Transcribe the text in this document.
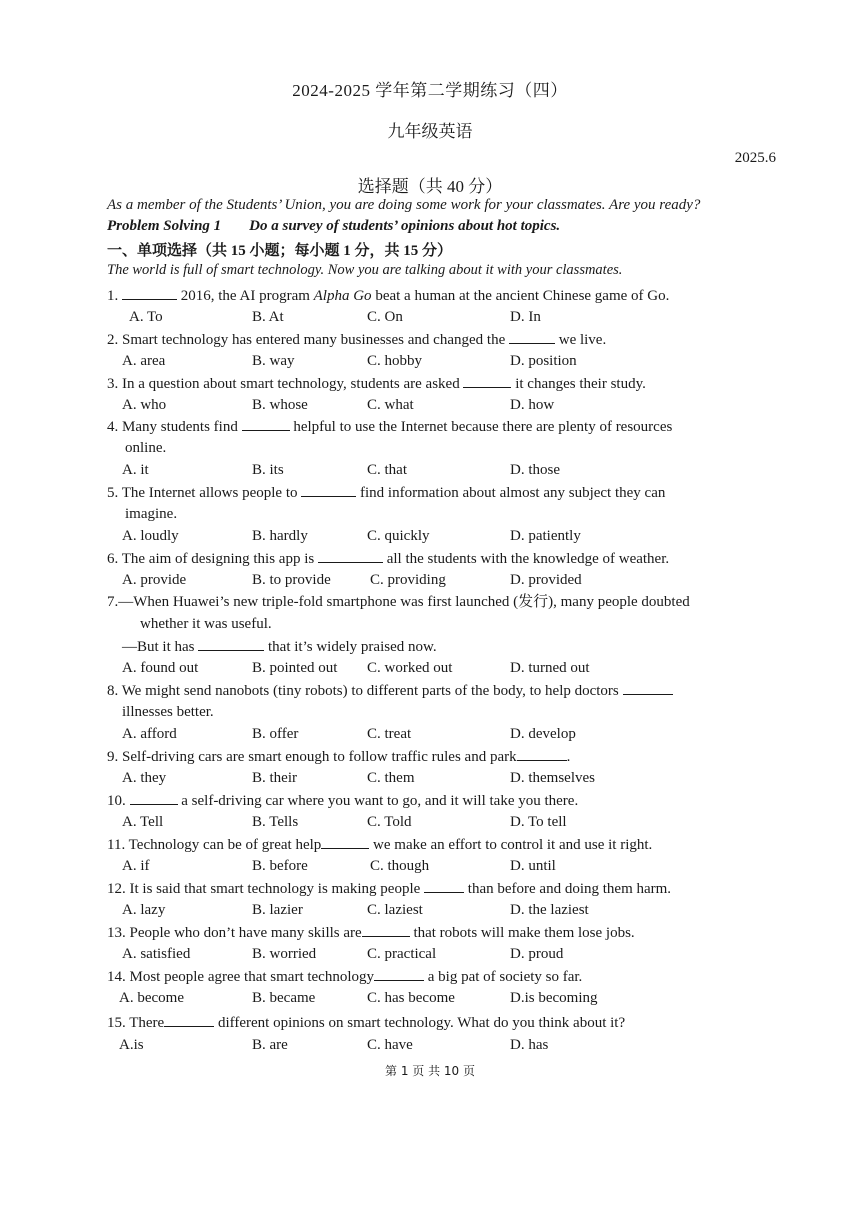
2024-2025 学年第二学期练习（四）
九年级英语
2025.6
选择题（共 40 分）
As a member of the Students’ Union, you are doing some work for your classmates. Are you ready?
Problem Solving 1 Do a survey of students’ opinions about hot topics.
一、单项选择（共 15 小题；每小题 1 分，共 15 分）
The world is full of smart technology. Now you are talking about it with your classmates.
1.	2016, the AI program Alpha Go beat a human at the ancient Chinese game of Go.
A. To	B. At	C. On	D. In
2. Smart technology has entered many businesses and changed the	we live.
A. area	B. way	C. hobby	D. position
3. In a question about smart technology, students are asked	it changes their study.
A. who	B. whose	C. what	D. how
4. Many students find	helpful to use the Internet because there are plenty of resources
online.
A. it	B. its	C. that	D. those
5. The Internet allows people to	find information about almost any subject they can
imagine.
A. loudly	B. hardly	C. quickly	D. patiently
6. The aim of designing this app is	all the students with the knowledge of weather.
A. provide	B. to provide	C. providing	D. provided
7.—When Huawei’s new triple-fold smartphone was first launched (发行), many people doubted
whether it was useful.
—But it has	that it’s widely praised now.
A. found out	B. pointed out C. worked out	D. turned out
8. We might send nanobots (tiny robots) to different parts of the body, to help doctors
illnesses better.
A. afford	B. offer	C. treat	D. develop
9. Self-driving cars are smart enough to follow traffic rules and park	.
A. they	B. their	C. them	D. themselves
10.	a self-driving car where you want to go, and it will take you there.
A. Tell	B. Tells	C. Told	D. To tell
11. Technology can be of great help	we make an effort to control it and use it right.
A. if	B. before	C. though	D. until
12. It is said that smart technology is making people	than before and doing them harm.
A. lazy	B. lazier	C. laziest	D. the laziest
13. People who don’t have many skills are	that robots will make them lose jobs.
A. satisfied	B. worried	C. practical	D. proud
14. Most people agree that smart technology	a big pat of society so far.
A. become	B. became	C. has become	D.is becoming
15. There	different opinions on smart technology. What do you think about it?
A.is	B. are	C. have	D. has
第 1 页 共 10 页
